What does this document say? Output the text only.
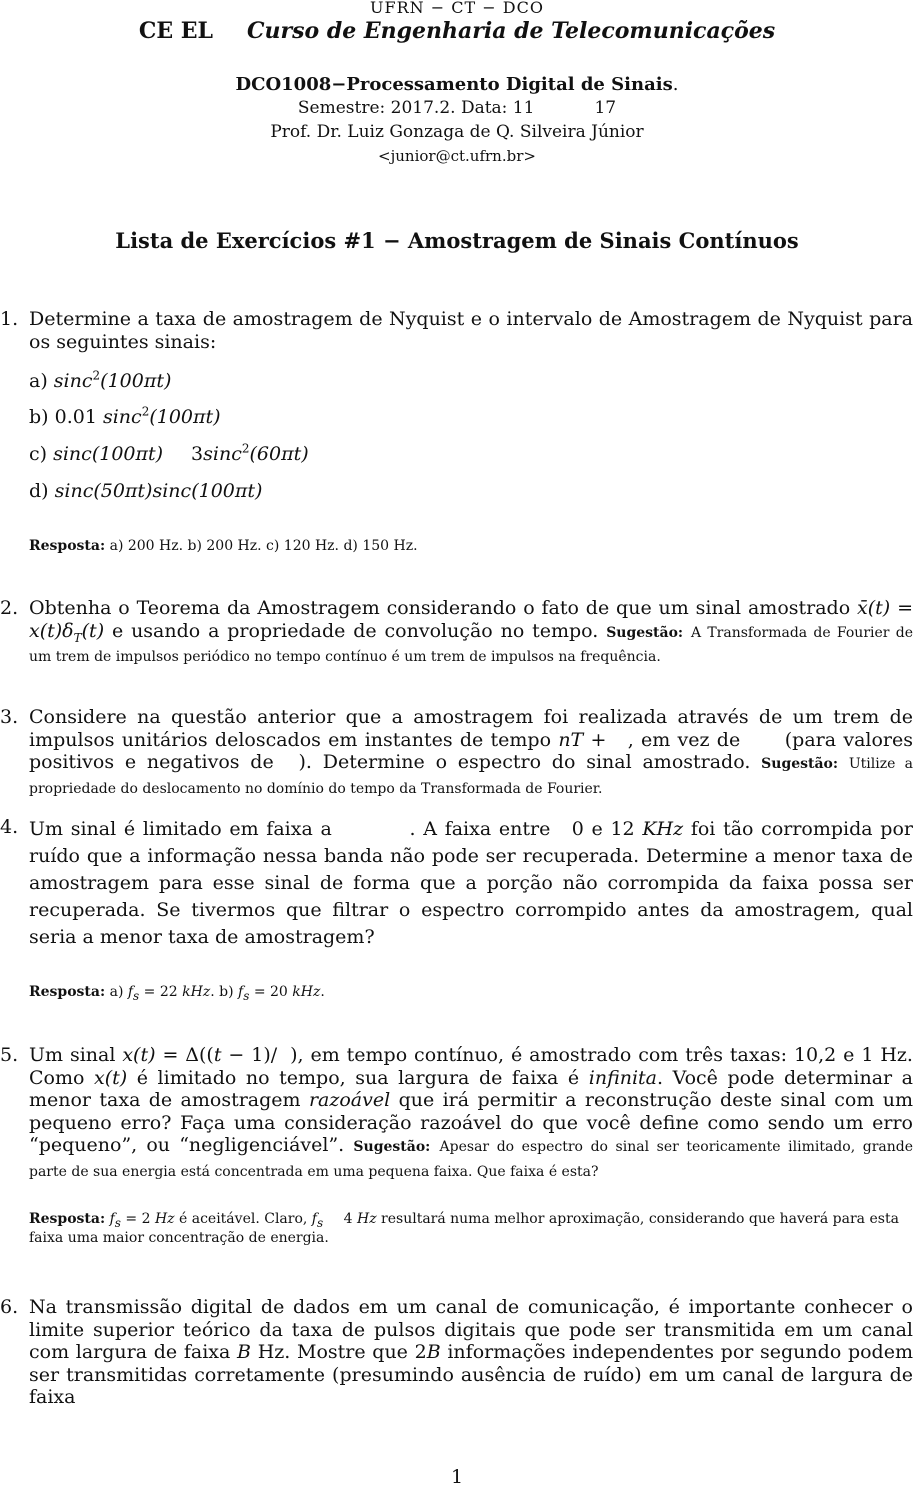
UFRN − CT − DCO
CE EL Curso de Engenharia de Telecomunicações
DCO1008−Processamento Digital de Sinais.
Semestre: 2017.2. Data: 11	17
Prof. Dr. Luiz Gonzaga de Q. Silveira Júnior
<junior@ct.ufrn.br>
Lista de Exercícios #1 − Amostragem de Sinais Contínuos
1. Determine a taxa de amostragem de Nyquist e o intervalo de Amostragem de Nyquist para os seguintes sinais:
a) sinc$^2$(100πt)
b) 0.01 sinc$^2$(100πt)
c) sinc(100πt) 3sinc$^2$(60πt)
d) sinc(50πt)sinc(100πt)
Resposta: a) 200 Hz. b) 200 Hz. c) 120 Hz. d) 150 Hz.
2. Obtenha o Teorema da Amostragem considerando o fato de que um sinal amostrado x̄(t) = $x(t)\delta_T(t)$ e usando a propriedade de convolução no tempo. Sugestão: A Transformada de Fourier de um trem de impulsos periódico no tempo contínuo é um trem de impulsos na frequência.
3. Considere na questão anterior que a amostragem foi realizada através de um trem de impulsos unitários deloscados em instantes de tempo nT + , em vez de (para valores positivos e negativos de ). Determine o espectro do sinal amostrado. Sugestão: Utilize a propriedade do deslocamento no domínio do tempo da Transformada de Fourier.
4. Um sinal é limitado em faixa a	. A faixa entre 0 e 12 KHz foi tão corrompida por ruído que a informação nessa banda não pode ser recuperada. Determine a menor taxa de amostragem para esse sinal de forma que a porção não corrompida da faixa possa ser recuperada. Se tivermos que filtrar o espectro corrompido antes da amostragem, qual seria a menor taxa de amostragem?
Resposta: a) $f_s = 22$ kHz. b) $f_s = 20$ kHz.
5. Um sinal x(t) = Δ((t − 1)/ ), em tempo contínuo, é amostrado com três taxas: 10,2 e 1 Hz. Como x(t) é limitado no tempo, sua largura de faixa é infinita. Você pode determinar a menor taxa de amostragem razoável que irá permitir a reconstrução deste sinal com um pequeno erro? Faça uma consideração razoável do que você define como sendo um erro “pequeno”, ou “negligenciável”. Sugestão: Apesar do espectro do sinal ser teoricamente ilimitado, grande parte de sua energia está concentrada em uma pequena faixa. Que faixa é esta?
Resposta: $f_s = 2$ Hz é aceitável. Claro, $f_s$ 4 Hz resultará numa melhor aproximação, considerando que haverá para esta faixa uma maior concentração de energia.
6. Na transmissão digital de dados em um canal de comunicação, é importante conhecer o limite superior teórico da taxa de pulsos digitais que pode ser transmitida em um canal com largura de faixa B Hz. Mostre que 2B informações independentes por segundo podem ser transmitidas corretamente (presumindo ausência de ruído) em um canal de largura de faixa
1
